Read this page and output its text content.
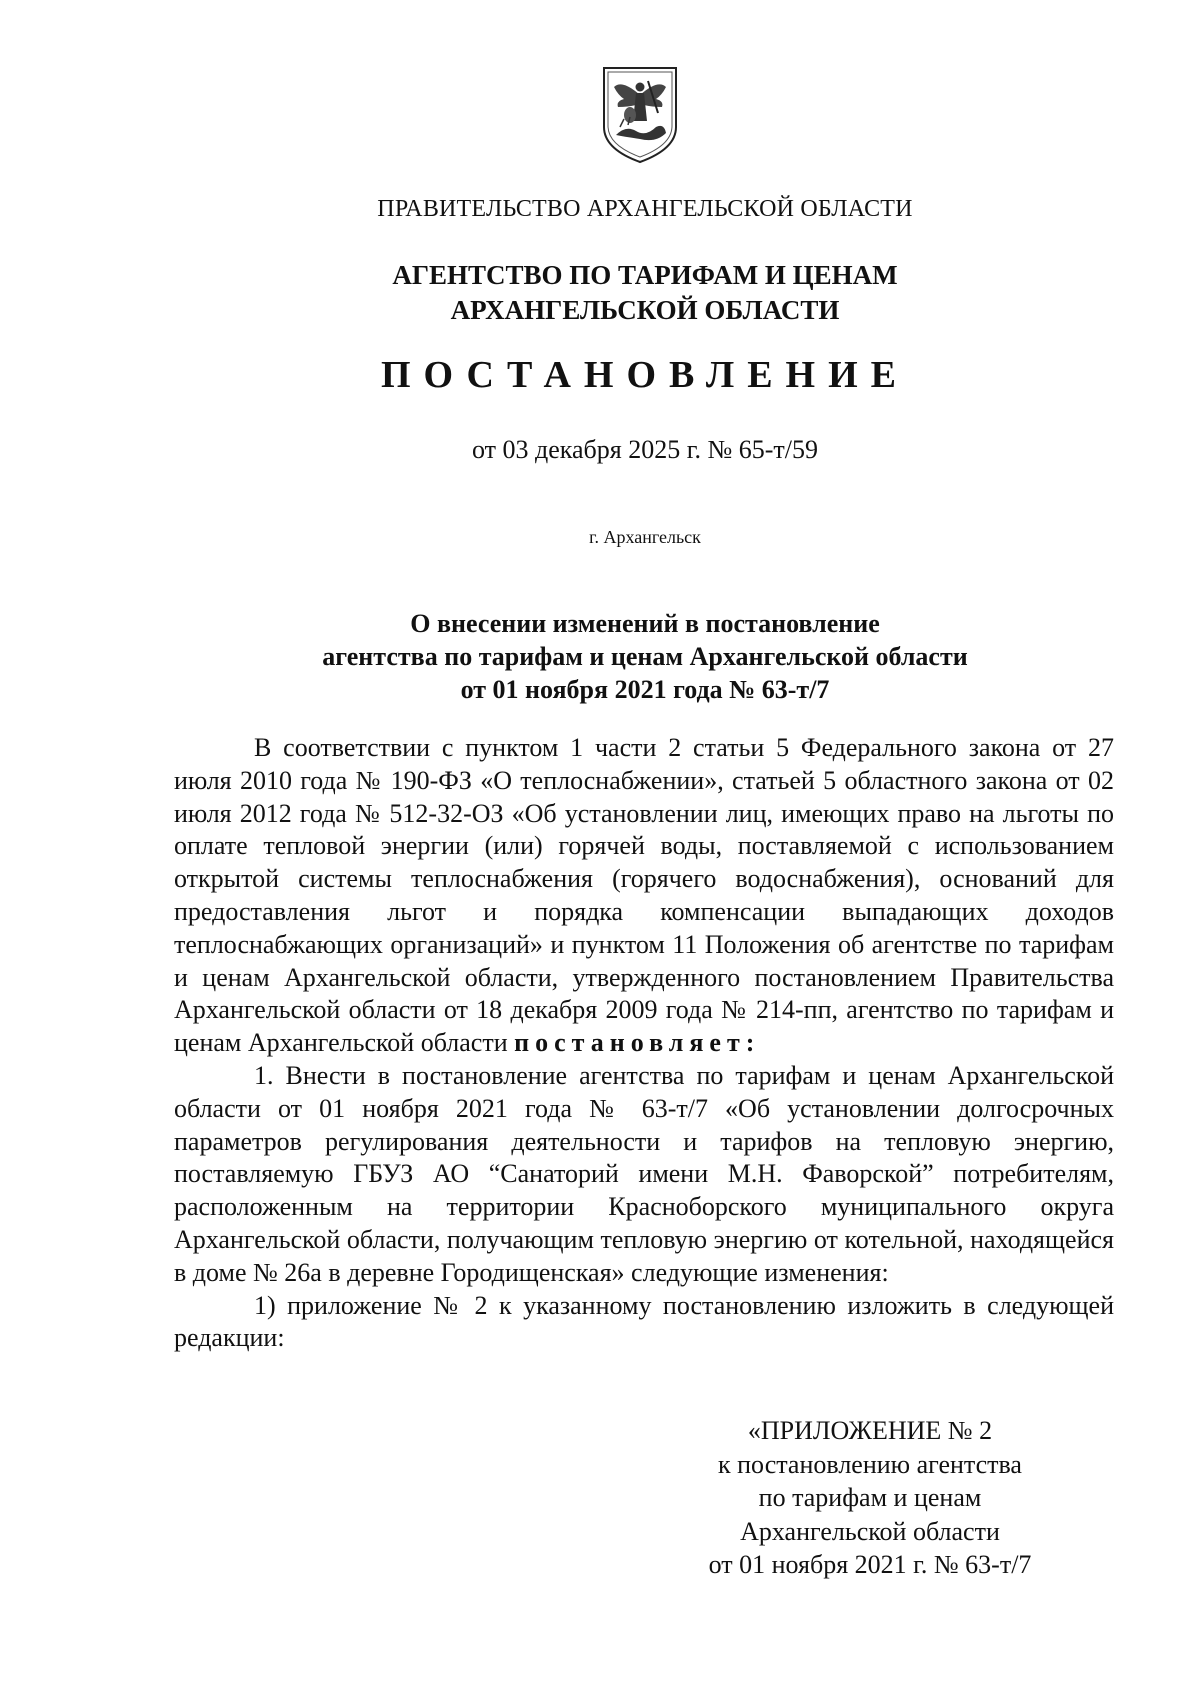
ПРАВИТЕЛЬСТВО АРХАНГЕЛЬСКОЙ ОБЛАСТИ
АГЕНТСТВО ПО ТАРИФАМ И ЦЕНАМ
АРХАНГЕЛЬСКОЙ ОБЛАСТИ
ПОСТАНОВЛЕНИЕ
от 03 декабря 2025 г. № 65-т/59
г. Архангельск
О внесении изменений в постановление
агентства по тарифам и ценам Архангельской области
от 01 ноября 2021 года № 63-т/7

В соответствии с пунктом 1 части 2 статьи 5 Федерального закона от 27 июля 2010 года № 190-ФЗ «О теплоснабжении», статьей 5 областного закона от 02 июля 2012 года № 512-32-ОЗ «Об установлении лиц, имеющих право на льготы по оплате тепловой энергии (или) горячей воды, поставляемой с использованием открытой системы теплоснабжения (горячего водоснабжения), оснований для предоставления льгот и порядка компенсации выпадающих доходов теплоснабжающих организаций» и пунктом 11 Положения об агентстве по тарифам и ценам Архангельской области, утвержденного постановлением Правительства Архангельской области от 18 декабря 2009 года № 214-пп, агентство по тарифам и ценам Архангельской области постановляет:

1. Внести в постановление агентства по тарифам и ценам Архангельской области от 01 ноября 2021 года № 63-т/7 «Об установлении долгосрочных параметров регулирования деятельности и тарифов на тепловую энергию, поставляемую ГБУЗ АО “Санаторий имени М.Н. Фаворской” потребителям, расположенным на территории Красноборского муниципального округа Архангельской области, получающим тепловую энергию от котельной, находящейся в доме № 26а в деревне Городищенская» следующие изменения:

1) приложение № 2 к указанному постановлению изложить в следующей редакции:

«ПРИЛОЖЕНИЕ № 2
к постановлению агентства
по тарифам и ценам
Архангельской области
от 01 ноября 2021 г. № 63-т/7
